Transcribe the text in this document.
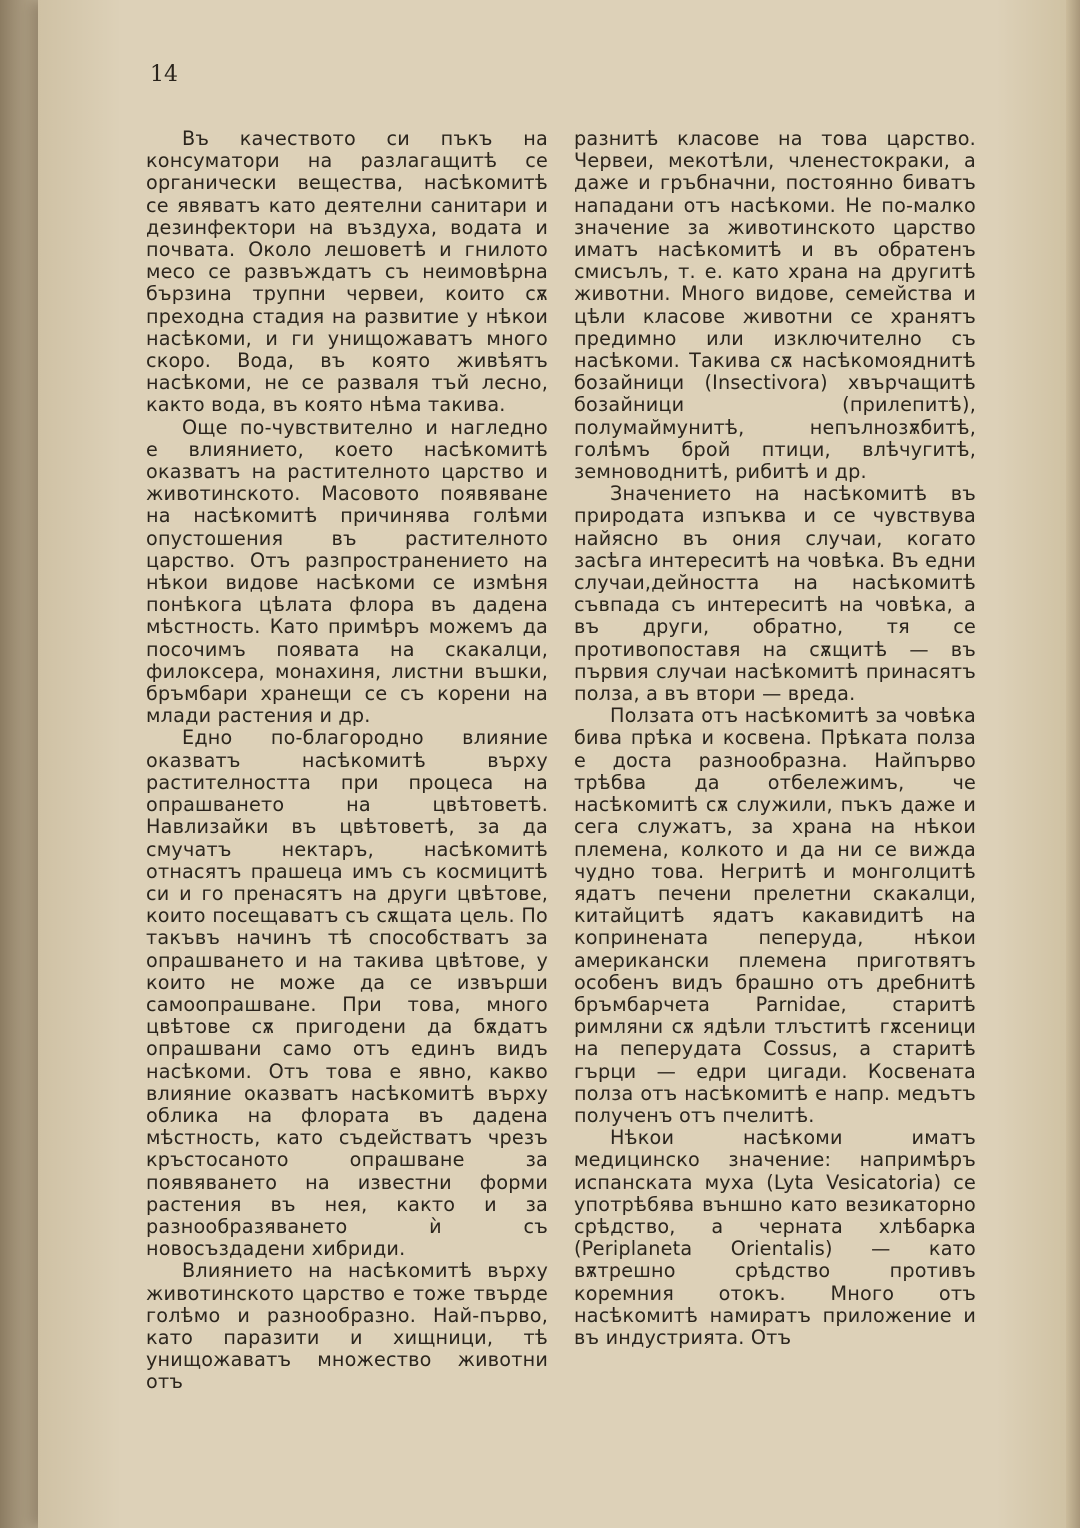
14

Въ качеството си пъкъ на консуматори на разлагащитѣ се органически вещества, насѣкомитѣ се явяватъ като деятелни санитари и дезинфектори на въздуха, водата и почвата. Около лешоветѣ и гнилото месо се развъждатъ съ неимовѣрна бързина трупни червеи, които сѫ преходна стадия на развитие у нѣкои насѣкоми, и ги унищожаватъ много скоро. Вода, въ която живѣятъ насѣкоми, не се разваля тъй лесно, както вода, въ която нѣма такива.

Още по-чувствително и нагледно е влиянието, което насѣкомитѣ оказватъ на растителното царство и животинското. Масовото появяване на насѣкомитѣ причинява голѣми опустошения въ растителното царство. Отъ разпространението на нѣкои видове насѣкоми се измѣня понѣкога цѣлата флора въ дадена мѣстность. Като примѣръ можемъ да посочимъ появата на скакалци, филоксера, монахиня, листни въшки, бръмбари хранещи се съ корени на млади растения и др.

Едно по-благородно влияние оказватъ насѣкомитѣ върху растителността при процеса на опрашването на цвѣтоветѣ. Навлизайки въ цвѣтоветѣ, за да смучатъ нектаръ, насѣкомитѣ отнасятъ прашеца имъ съ космицитѣ си и го пренасятъ на други цвѣтове, които посещаватъ съ сѫщата цель. По такъвъ начинъ тѣ способстватъ за опрашването и на такива цвѣтове, у които не може да се извърши самоопрашване. При това, много цвѣтове сѫ пригодени да бѫдатъ опрашвани само отъ единъ видъ насѣкоми. Отъ това е явно, какво влияние оказватъ насѣкомитѣ върху облика на флората въ дадена мѣстность, като съдействатъ чрезъ кръстосаното опрашване за появяването на известни форми растения въ нея, както и за разнообразяването ѝ съ новосъздадени хибриди.

Влиянието на насѣкомитѣ върху животинското царство е тоже твърде голѣмо и разнообразно. Най-първо, като паразити и хищници, тѣ унищожаватъ множество животни отъ

разнитѣ класове на това царство. Червеи, мекотѣли, членестокраки, а даже и гръбначни, постоянно биватъ нападани отъ насѣкоми. Не по-малко значение за животинското царство иматъ насѣкомитѣ и въ обратенъ смисълъ, т. е. като храна на другитѣ животни. Много видове, семейства и цѣли класове животни се хранятъ предимно или изключително съ насѣкоми. Такива сѫ насѣкомояднитѣ бозайници (Insectivora) хвърчащитѣ бозайници (прилепитѣ), полумаймунитѣ, непълнозѫбитѣ, голѣмъ брой птици, влѣчугитѣ, земноводнитѣ, рибитѣ и др.

Значението на насѣкомитѣ въ природата изпъква и се чувствува найясно въ ония случаи, когато засѣга интереситѣ на човѣка. Въ едни случаи,дейността на насѣкомитѣ съвпада съ интереситѣ на човѣка, а въ други, обратно, тя се противопоставя на сѫщитѣ — въ първия случаи насѣкомитѣ принасятъ полза, а въ втори — вреда.

Ползата отъ насѣкомитѣ за човѣка бива прѣка и косвена. Прѣката полза е доста разнообразна. Найпърво трѣбва да отбележимъ, че насѣкомитѣ сѫ служили, пъкъ даже и сега служатъ, за храна на нѣкои племена, колкото и да ни се вижда чудно това. Негритѣ и монголцитѣ ядатъ печени прелетни скакалци, китайцитѣ ядатъ какавидитѣ на копринената пеперуда, нѣкои американски племена приготвятъ особенъ видъ брашно отъ дребнитѣ бръмбарчета Parnidae, старитѣ римляни сѫ ядѣли тлъститѣ гѫсеници на пеперудата Cossus, а старитѣ гърци — едри цигади. Косвената полза отъ насѣкомитѣ е напр. медътъ полученъ отъ пчелитѣ.

Нѣкои насѣкоми иматъ медицинско значение: напримѣръ испанската муха (Lyta Vesicatoria) се употрѣбява външно като везикаторно срѣдство, а черната хлѣбарка (Periplaneta Orientalis) — като вѫтрешно срѣдство противъ коремния отокъ. Много отъ насѣкомитѣ намиратъ приложение и въ индустрията. Отъ
